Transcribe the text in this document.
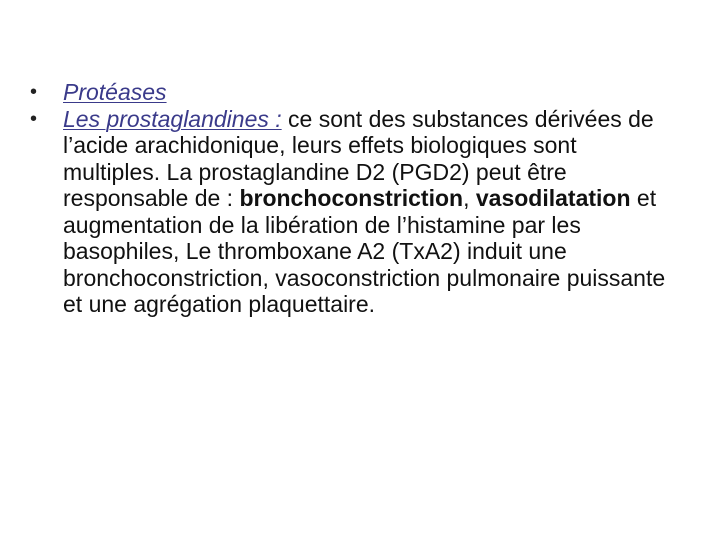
• Protéases
• Les prostaglandines : ce sont des substances dérivées de l’acide arachidonique, leurs effets biologiques sont multiples. La prostaglandine D2 (PGD2) peut être responsable de : bronchoconstriction, vasodilatation et augmentation de la libération de l’histamine par les basophiles, Le thromboxane A2 (TxA2) induit une bronchoconstriction, vasoconstriction pulmonaire puissante et une agrégation plaquettaire.
